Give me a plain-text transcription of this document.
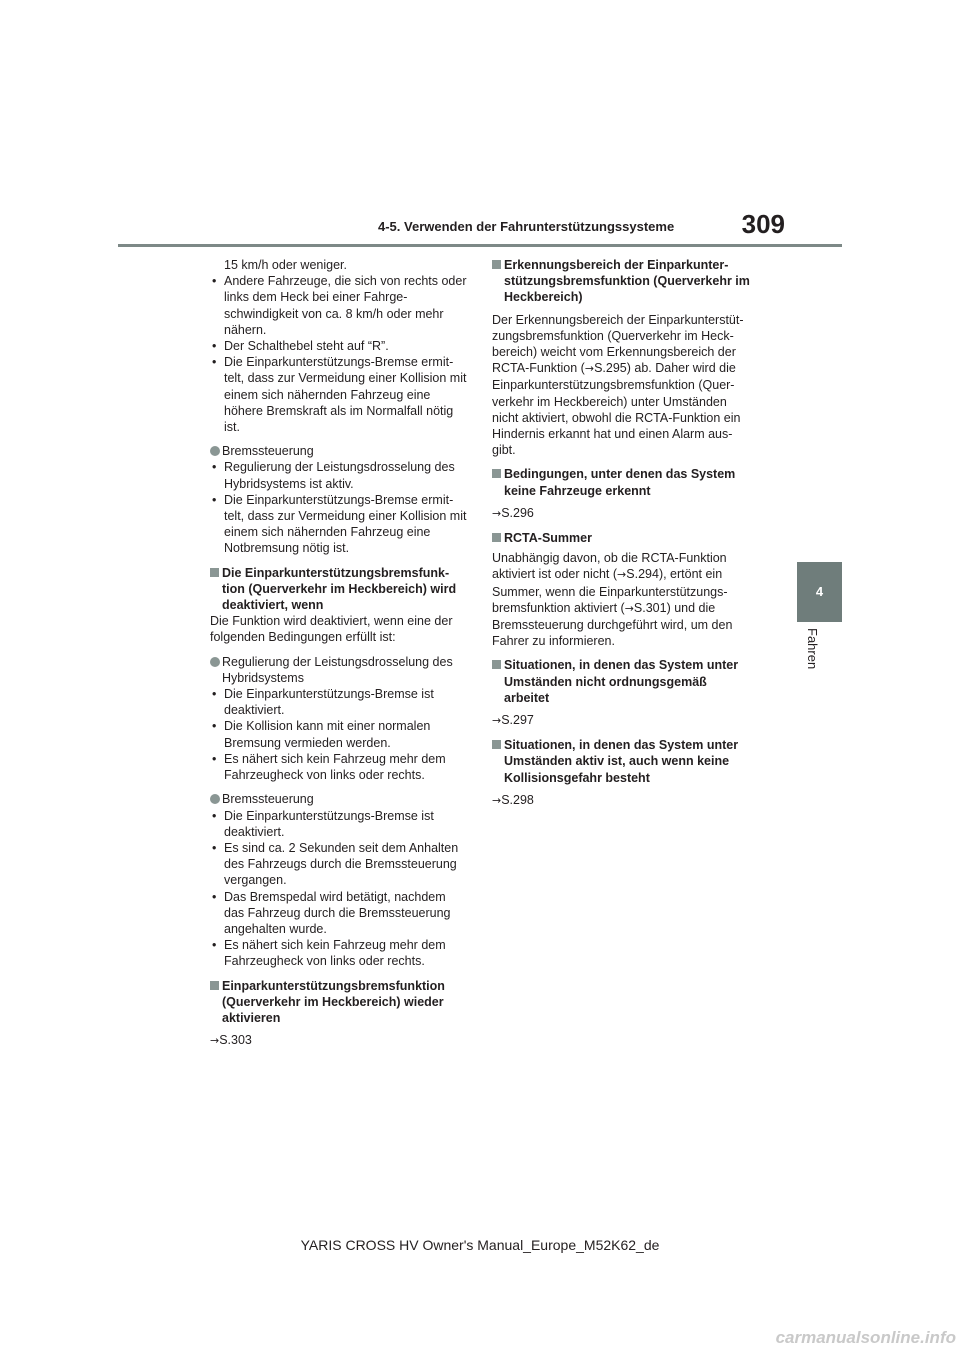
4-5. Verwenden der Fahrunterstützungssysteme	309
4
Fahren

15 km/h oder weniger.

• Andere Fahrzeuge, die sich von rechts oder links dem Heck bei einer Fahrge-schwindigkeit von ca. 8 km/h oder mehr nähern.
• Der Schalthebel steht auf “R”.
• Die Einparkunterstützungs-Bremse ermit-telt, dass zur Vermeidung einer Kollision mit einem sich nähernden Fahrzeug eine höhere Bremskraft als im Normalfall nötig ist.
Bremssteuerung
• Regulierung der Leistungsdrosselung des Hybridsystems ist aktiv.
• Die Einparkunterstützungs-Bremse ermit-telt, dass zur Vermeidung einer Kollision mit einem sich nähernden Fahrzeug eine Notbremsung nötig ist.
Die Einparkunterstützungsbremsfunk-tion (Querverkehr im Heckbereich) wird deaktiviert, wenn

Die Funktion wird deaktiviert, wenn eine der folgenden Bedingungen erfüllt ist:

Regulierung der Leistungsdrosselung des Hybridsystems
• Die Einparkunterstützungs-Bremse ist deaktiviert.
• Die Kollision kann mit einer normalen Bremsung vermieden werden.
• Es nähert sich kein Fahrzeug mehr dem Fahrzeugheck von links oder rechts.
Bremssteuerung
• Die Einparkunterstützungs-Bremse ist deaktiviert.
• Es sind ca. 2 Sekunden seit dem Anhalten des Fahrzeugs durch die Bremssteuerung vergangen.
• Das Bremspedal wird betätigt, nachdem das Fahrzeug durch die Bremssteuerung angehalten wurde.
• Es nähert sich kein Fahrzeug mehr dem Fahrzeugheck von links oder rechts.
Einparkunterstützungsbremsfunktion (Querverkehr im Heckbereich) wieder aktivieren

→S.303

Erkennungsbereich der Einparkunter-stützungsbremsfunktion (Querverkehr im Heckbereich)

Der Erkennungsbereich der Einparkunterstüt-zungsbremsfunktion (Querverkehr im Heck-bereich) weicht vom Erkennungsbereich der RCTA-Funktion (→S.295) ab. Daher wird die Einparkunterstützungsbremsfunktion (Quer-verkehr im Heckbereich) unter Umständen nicht aktiviert, obwohl die RCTA-Funktion ein Hindernis erkannt hat und einen Alarm aus-gibt.

Bedingungen, unter denen das System keine Fahrzeuge erkennt

→S.296

RCTA-Summer

Unabhängig davon, ob die RCTA-Funktion aktiviert ist oder nicht (→S.294), ertönt ein Summer, wenn die Einparkunterstützungs-bremsfunktion aktiviert (→S.301) und die Bremssteuerung durchgeführt wird, um den Fahrer zu informieren.

Situationen, in denen das System unter Umständen nicht ordnungsgemäß arbeitet

→S.297

Situationen, in denen das System unter Umständen aktiv ist, auch wenn keine Kollisionsgefahr besteht

→S.298

YARIS CROSS HV Owner's Manual_Europe_M52K62_de
carmanualsonline.info
